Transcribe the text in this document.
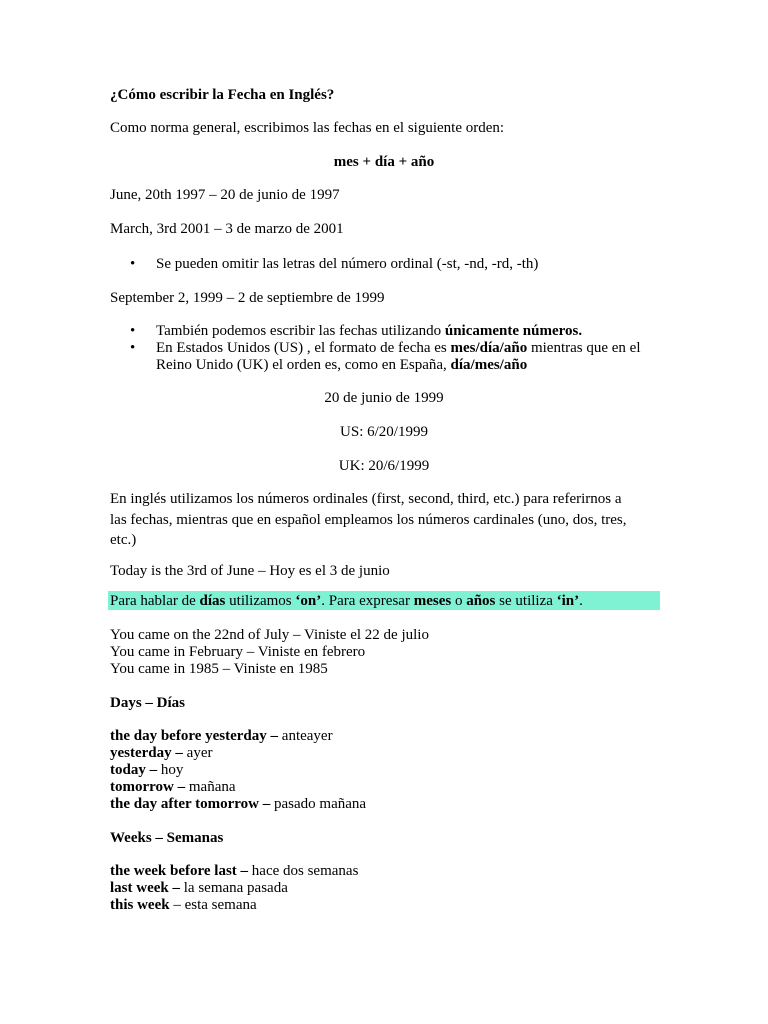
¿Cómo escribir la Fecha en Inglés?
Como norma general, escribimos las fechas en el siguiente orden:
mes + día + año
June, 20th 1997 – 20 de junio de 1997
March, 3rd 2001 – 3 de marzo de 2001
•	Se pueden omitir las letras del número ordinal (-st, -nd, -rd, -th)
September 2, 1999 – 2 de septiembre de 1999
•	También podemos escribir las fechas utilizando únicamente números.
•	En Estados Unidos (US) , el formato de fecha es mes/día/año mientras que en el
Reino Unido (UK) el orden es, como en España, día/mes/año
20 de junio de 1999
US: 6/20/1999
UK: 20/6/1999
En inglés utilizamos los números ordinales (first, second, third, etc.) para referirnos a
las fechas, mientras que en español empleamos los números cardinales (uno, dos, tres,
etc.)
Today is the 3rd of June – Hoy es el 3 de junio
Para hablar de días utilizamos ‘on’. Para expresar meses o años se utiliza ‘in’.
You came on the 22nd of July – Viniste el 22 de julio
You came in February – Viniste en febrero
You came in 1985 – Viniste en 1985
Days – Días
the day before yesterday – anteayer
yesterday – ayer
today – hoy
tomorrow – mañana
the day after tomorrow – pasado mañana
Weeks – Semanas
the week before last – hace dos semanas
last week – la semana pasada
this week – esta semana
